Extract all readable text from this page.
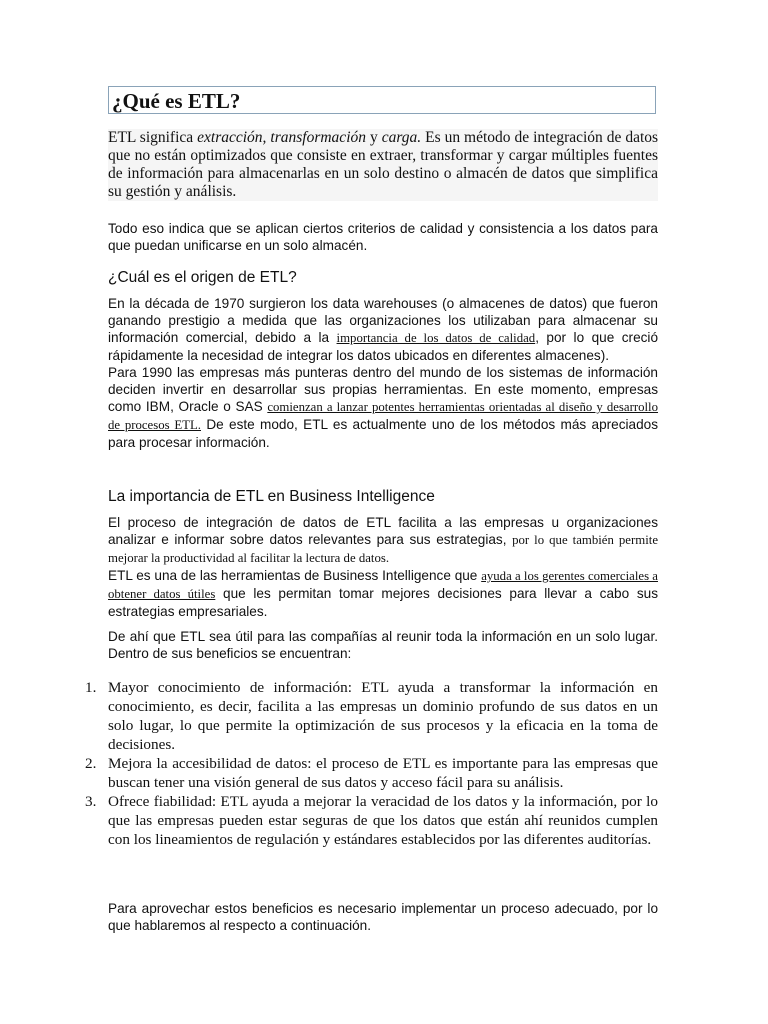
¿Qué es ETL?
ETL significa extracción, transformación y carga. Es un método de integración de datos que no están optimizados que consiste en extraer, transformar y cargar múltiples fuentes de información para almacenarlas en un solo destino o almacén de datos que simplifica su gestión y análisis.
Todo eso indica que se aplican ciertos criterios de calidad y consistencia a los datos para que puedan unificarse en un solo almacén.
¿Cuál es el origen de ETL?
En la década de 1970 surgieron los data warehouses (o almacenes de datos) que fueron ganando prestigio a medida que las organizaciones los utilizaban para almacenar su información comercial, debido a la importancia de los datos de calidad, por lo que creció rápidamente la necesidad de integrar los datos ubicados en diferentes almacenes).
Para 1990 las empresas más punteras dentro del mundo de los sistemas de información deciden invertir en desarrollar sus propias herramientas. En este momento, empresas como IBM, Oracle o SAS comienzan a lanzar potentes herramientas orientadas al diseño y desarrollo de procesos ETL. De este modo, ETL es actualmente uno de los métodos más apreciados para procesar información.
La importancia de ETL en Business Intelligence
El proceso de integración de datos de ETL facilita a las empresas u organizaciones analizar e informar sobre datos relevantes para sus estrategias, por lo que también permite mejorar la productividad al facilitar la lectura de datos.
ETL es una de las herramientas de Business Intelligence que ayuda a los gerentes comerciales a obtener datos útiles que les permitan tomar mejores decisiones para llevar a cabo sus estrategias empresariales.
De ahí que ETL sea útil para las compañías al reunir toda la información en un solo lugar. Dentro de sus beneficios se encuentran:
1. Mayor conocimiento de información: ETL ayuda a transformar la información en conocimiento, es decir, facilita a las empresas un dominio profundo de sus datos en un solo lugar, lo que permite la optimización de sus procesos y la eficacia en la toma de decisiones.
2. Mejora la accesibilidad de datos: el proceso de ETL es importante para las empresas que buscan tener una visión general de sus datos y acceso fácil para su análisis.
3. Ofrece fiabilidad: ETL ayuda a mejorar la veracidad de los datos y la información, por lo que las empresas pueden estar seguras de que los datos que están ahí reunidos cumplen con los lineamientos de regulación y estándares establecidos por las diferentes auditorías.
Para aprovechar estos beneficios es necesario implementar un proceso adecuado, por lo que hablaremos al respecto a continuación.
